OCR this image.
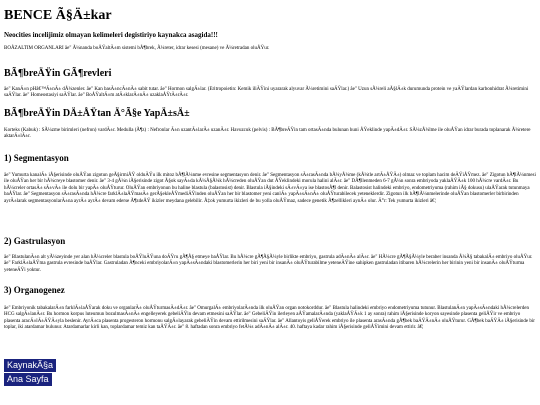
BENCE Ã§Ä±kar
Neocities incelijimiz olmayan kelimeleri degistiriyo kaynakca asagida!!!
BOÃZALTIM ORGANLARI âe" Ã¼nanda boÅŸaltÄ±m sistemi bÃ¶brek, Ã¼reter, idrar kesesi (mesane) ve Ã¼retradan oluÅŸur.
BÃ¶breÄŸin GÃ¶revleri
âe" KanÄ±n pHâ€™Ä±nÄ± dÃ¼zenler. âe" Kan basÄ±ncÄ±nÄ± sabit tutar. âe" Hormon salgÄ±lar. (Eritropoietin: Kemik iliÄŸini uyararak alyuvar Ã¼retimini saÄŸlar.) âe" Uzun sÃ¼reli aÃ§lÄ±k durumunda protein ve yaÄŸlardan karbonhidrat Ã¼retimini saÄŸlar. âe" Homeostasiyi saÄŸlar. âe" BoÅŸaltÄ±m atÄ±klarÄ±nÄ± uzaklaÅŸtÄ±rÄ±r.
BÃ¶breÄŸin DÄ±ÅŸtan Ä°Ã§e YapÄ±sÄ±
Korteks (Kabuk) : SÃ¼zme birimleri (nefron) vardÄ±r. Medulla (Ã¶z) : Nefronlar Ä±n uzantÄ±larÄ± uzanÄ±r. Havuzcuk (pelvis) : BÃ¶breÄŸin tam ortasÄ±nda bulunan huni ÅŸeklinde yapÄ±dÄ±r. SÃ¼zÃ¼lme ile oluÅŸan idrar burada toplanarak Ã¼retere aktarÄ±lÄ±r.
1) Segmentasyon
âe" Yumurta kanalÄ± iÃ§erisinde oluÅŸan zigotun geÃ§irmiÅŸ olduÄŸu ilk mitoz bÃ¶lÃ¼nme evresine segmentasyon denir. âe" Segmentasyon sÄ±rasÄ±nda bÃ¼yÃ¼me (kÃ¼tle artÄ±ÅŸÄ±) olmaz ve toplam hacim deÄŸiÅŸmez. âe" Zigotun bÃ¶lÃ¼nmesi ile oluÅŸan her bir hÃ¼creye blastomer denir. âe" 3-4 gÃ¼n iÃ§erisinde zigot Ã§ok sayÄ±da kÃ¼Ã§Ã¼k hÃ¼creden oluÅŸan dut ÅŸeklindeki morula halini alÄ±r. âe" DÃ¶llenmeden 6-7 gÃ¼n sonra embriyoda yaklaÅŸÄ±k 100 hÃ¼cre vardÄ±r. Bu hÃ¼creler ortasÄ± sÄ±vÄ± ile dolu bir yapÄ± oluÅŸturur. OluÅŸan embriyonun bu haline blastula (balastosist) denir. Blastula iÃ§indeki sÄ±vÄ±ya ise blastosÃ¶l denir. Balastosist halindeki embriyo, endometriyuma (rahim iÃ§ dokusu) ulaÅŸarak tutunmaya baÅŸlar. âe" Segmentasyon sÄ±rasÄ±nda hÃ¼cre farklÄ±laÅŸmasÄ± gerÃ§ekleÅŸmediÄŸinden oluÅŸan her bir blastomer yeni canlÄ± yapÄ±sÄ±nÄ± oluÅŸturabilecek yeteneklerdir. Zigotun ilk bÃ¶lÃ¼nmelerinde oluÅŸan blastomerler birbirinden ayrÄ±larak segmentasyonlarÄ±na ayrÄ± ayrÄ± devam ederse Ã¶zdeÅŸ ikizler meydana gelebilir. Ã‡ok yumurta ikizleri de bu yolla oluÅŸmaz, sadece genetik Ã¶zellikleri aynÄ± olur. Ä°r: Tek yumurta ikizleri â€¦
2) Gastrulasyon
âe" BlastulanÄ±n alt yÃ¼zeyinde yer alan hÃ¼creler blastula boÅŸluÄŸuna doÄŸru gÃ¶Ã§ etmeye baÅŸlar. Bu hÃ¼cre gÃ¶Ã§Ã¼yle birlikte embriyo, gastrula adÄ±nÄ± alÄ±r. âe" HÃ¼cre gÃ¶Ã§Ã¼yle beraber insanda Ã¼Ã§ tabakalÄ± embriyo oluÅŸur. âe" FarklÄ±laÅŸma gastrula evresinde baÅŸlar. Gastruladan Ã¶nceki embriyolarÄ±n yapÄ±sÄ±ndaki blastomerlerin her biri yeni bir insanÄ± oluÅŸturabilme yeteneÄŸine sahipken gastruladan itibaren hÃ¼crelerin her birinin yeni bir insanÄ± oluÅŸturma yeteneÄŸi yoktur.
3) Organogenez
âe" Embriyonik tabakalarÄ±n farklÄ±laÅŸarak doku ve organlarÄ± oluÅŸturmasÄ±dÄ±r. âe" OmurgalÄ± embriyolarÄ±nda ilk oluÅŸan organ notokorddur. âe" Blastula halindeki embriyo endometriyuma tutunur. BlastulanÄ±n yapÄ±sÄ±ndaki hÃ¼crelerden HCG salgÄ±lanÄ±r. Bu hormon korpus luteumun bozulmasÄ±nÄ± engelleyerek gebeliÄŸin devam etmesini saÄŸlar. âe" GebeliÄŸin ilerleyen aÅŸamalarÄ±nda (yaklaÅŸÄ±k 1 ay sonra) rahim iÃ§erisinde koryon sayesinde plasenta geliÅŸir ve embriyo plasenta aracÄ±lÄ±ÄŸÄ±yla beslenir. AyrÄ±ca plasenta progesteron hormonu salgÄ±layarak gebeliÄŸin devam ettirilmesini saÄŸlar. âe" Allantoyis geliÅŸerek embriyo ile plasenta arasÄ±nda gÃ¶bek baÄŸÄ±nÄ± oluÅŸturur. GÃ¶bek baÄŸÄ± iÃ§erisinde bir toplar, iki atardamar bulunur. Atardamarlar kirli kan, toplardamar temiz kan taÅŸÄ±r. âe" 8. haftadan sonra embriyo fetÃ¼s adÄ±nÄ± alÄ±r. 40. haftaya kadar rahim iÃ§erisinde geliÅŸimini devam ettirir. â€¦
KaynakÃ§a
Ana Sayfa
